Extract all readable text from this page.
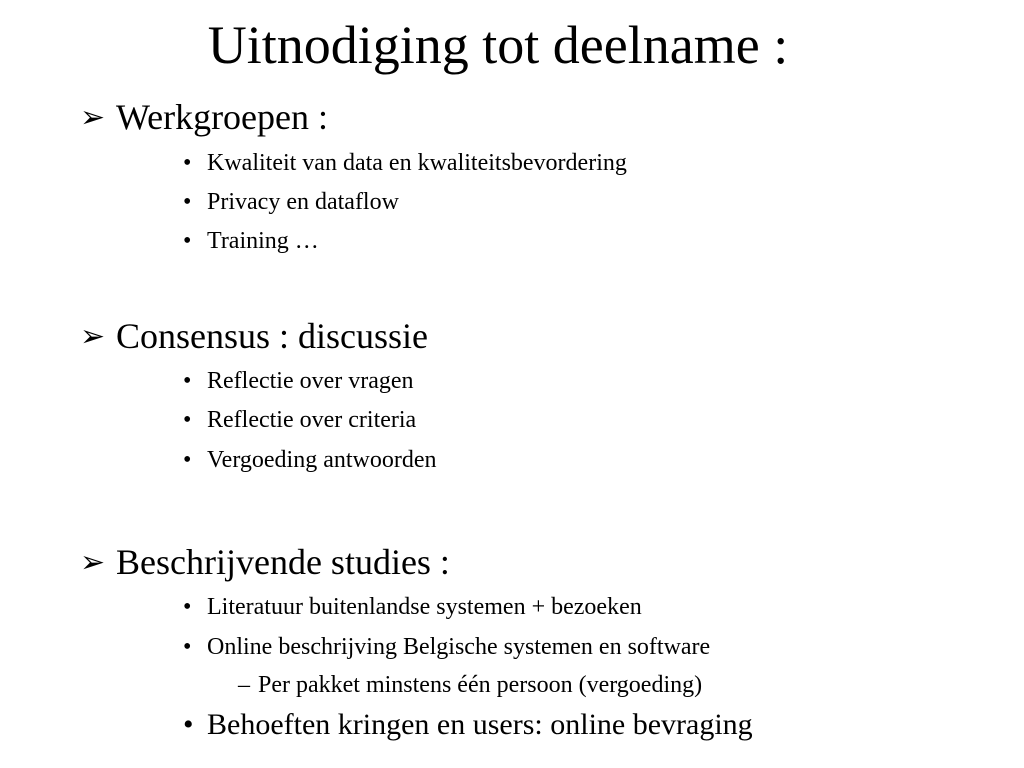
Uitnodiging tot deelname :
➢ Werkgroepen :
• Kwaliteit van data en kwaliteitsbevordering
• Privacy en dataflow
• Training …
➢ Consensus : discussie
• Reflectie over vragen
• Reflectie over criteria
• Vergoeding antwoorden
➢ Beschrijvende studies :
• Literatuur buitenlandse systemen + bezoeken
• Online beschrijving Belgische systemen en software
– Per pakket minstens één persoon (vergoeding)
• Behoeften kringen en users: online bevraging
